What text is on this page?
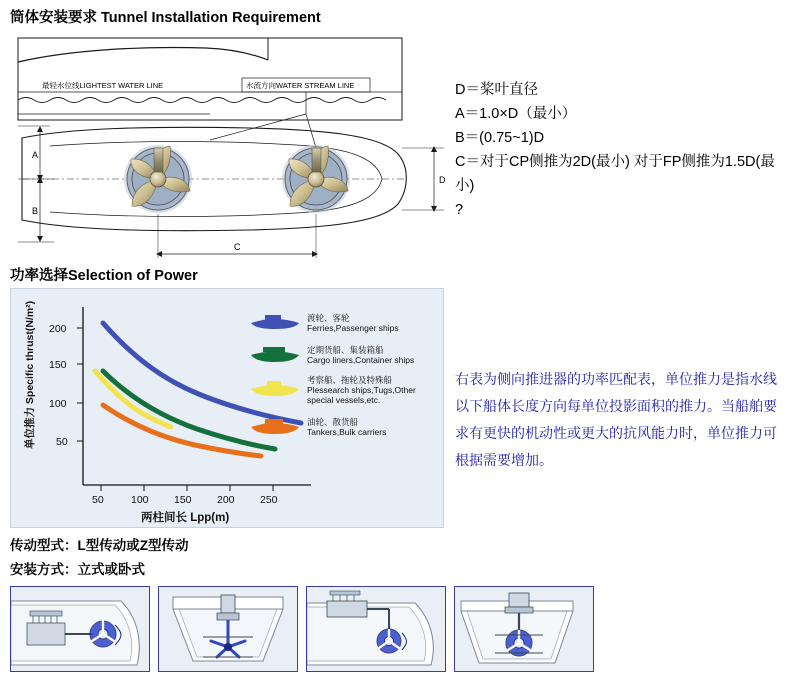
筒体安装要求 Tunnel Installation Requirement
最轻水位线LIGHTEST WATER LINE	水流方向WATER STREAM LINE
A
B
C
D
D＝桨叶直径
A＝1.0×D（最小）
B＝(0.75~1)D
C＝对于CP侧推为2D(最小) 对于FP侧推为1.5D(最小)
?
功率选择Selection of Power
200
150
100
50
50	100 150 200 250
两柱间长 Lpp(m)
单位推力 Specific thrust(N/m²)	渡轮、客轮
Ferries,Passenger ships
定期货船、集装箱船
Cargo liners,Container ships
考察船、拖轮及特殊船
Plessearch ships,Tugs,Other
special vessels,etc.
油轮、散货船
Tankers,Bulk carriers
右表为侧向推进器的功率匹配表，单位推力是指水线以下船体长度方向每单位投影面积的推力。当船舶要求有更快的机动性或更大的抗风能力时，单位推力可根据需要增加。
传动型式：L型传动或Z型传动
安装方式：立式或卧式
